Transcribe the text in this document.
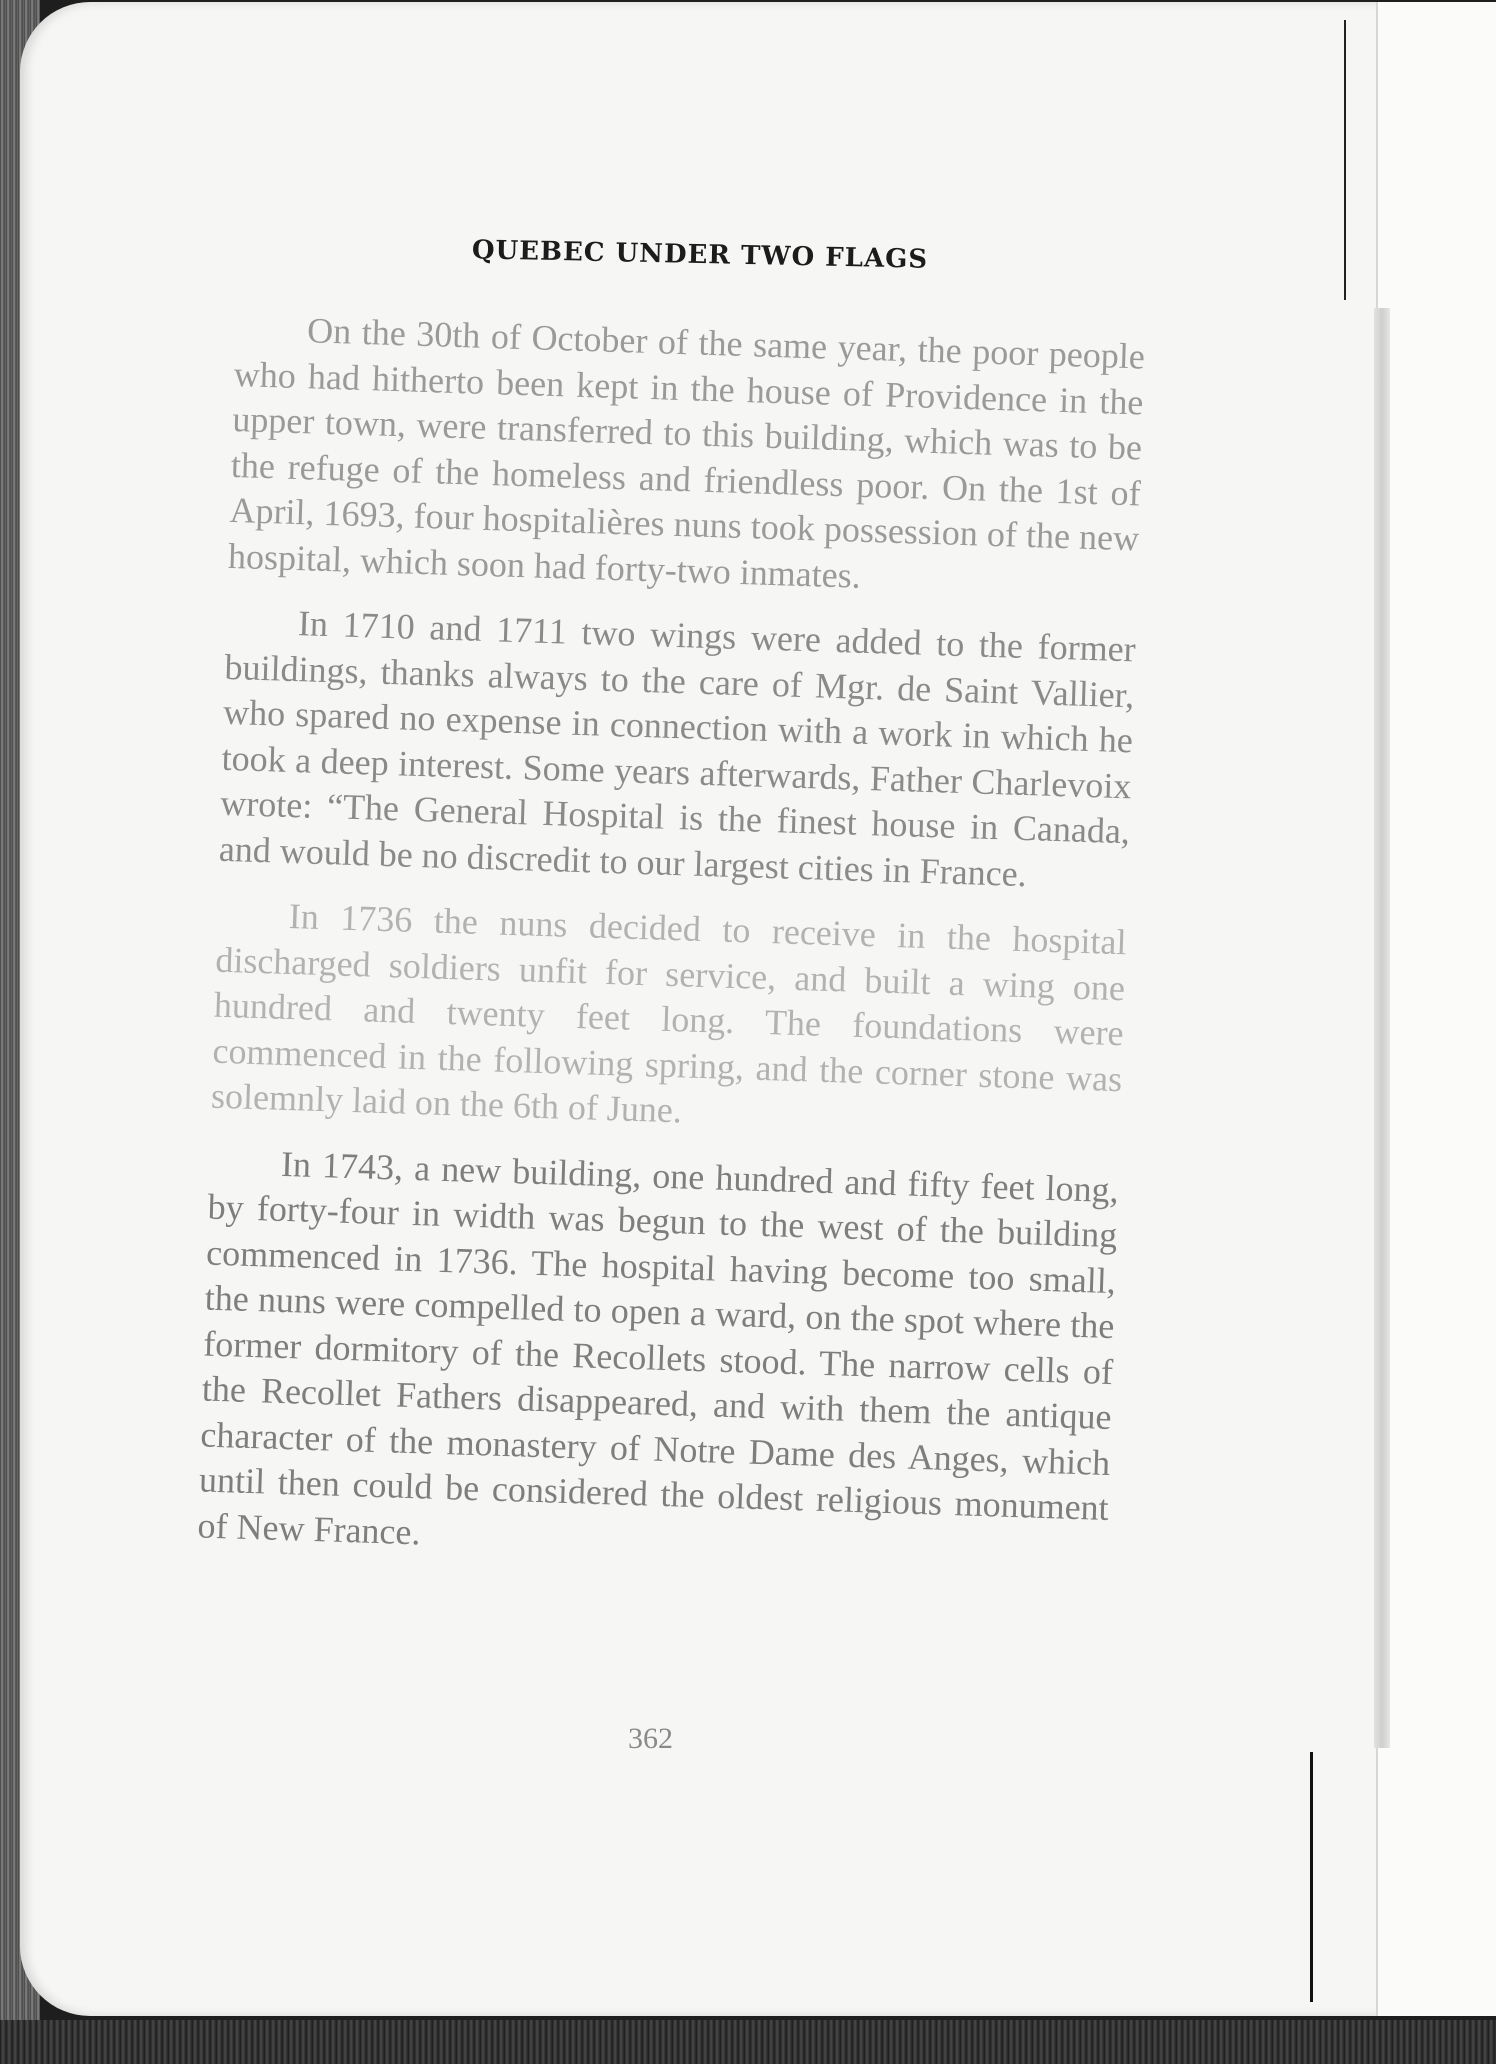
QUEBEC UNDER TWO FLAGS

On the 30th of October of the same year, the poor people who had hitherto been kept in the house of Providence in the upper town, were transferred to this building, which was to be the refuge of the homeless and friendless poor. On the 1st of April, 1693, four hospitalières nuns took possession of the new hospital, which soon had forty-two inmates.

In 1710 and 1711 two wings were added to the former buildings, thanks always to the care of Mgr. de Saint Vallier, who spared no expense in connection with a work in which he took a deep interest. Some years afterwards, Father Charlevoix wrote: “The General Hospital is the finest house in Canada, and would be no discredit to our largest cities in France.

In 1736 the nuns decided to receive in the hospital discharged soldiers unfit for service, and built a wing one hundred and twenty feet long. The foundations were commenced in the following spring, and the corner stone was solemnly laid on the 6th of June.

In 1743, a new building, one hundred and fifty feet long, by forty-four in width was begun to the west of the building commenced in 1736. The hospital having become too small, the nuns were compelled to open a ward, on the spot where the former dormitory of the Recollets stood. The narrow cells of the Recollet Fathers disappeared, and with them the antique character of the monastery of Notre Dame des Anges, which until then could be considered the oldest religious monument of New France.

362
